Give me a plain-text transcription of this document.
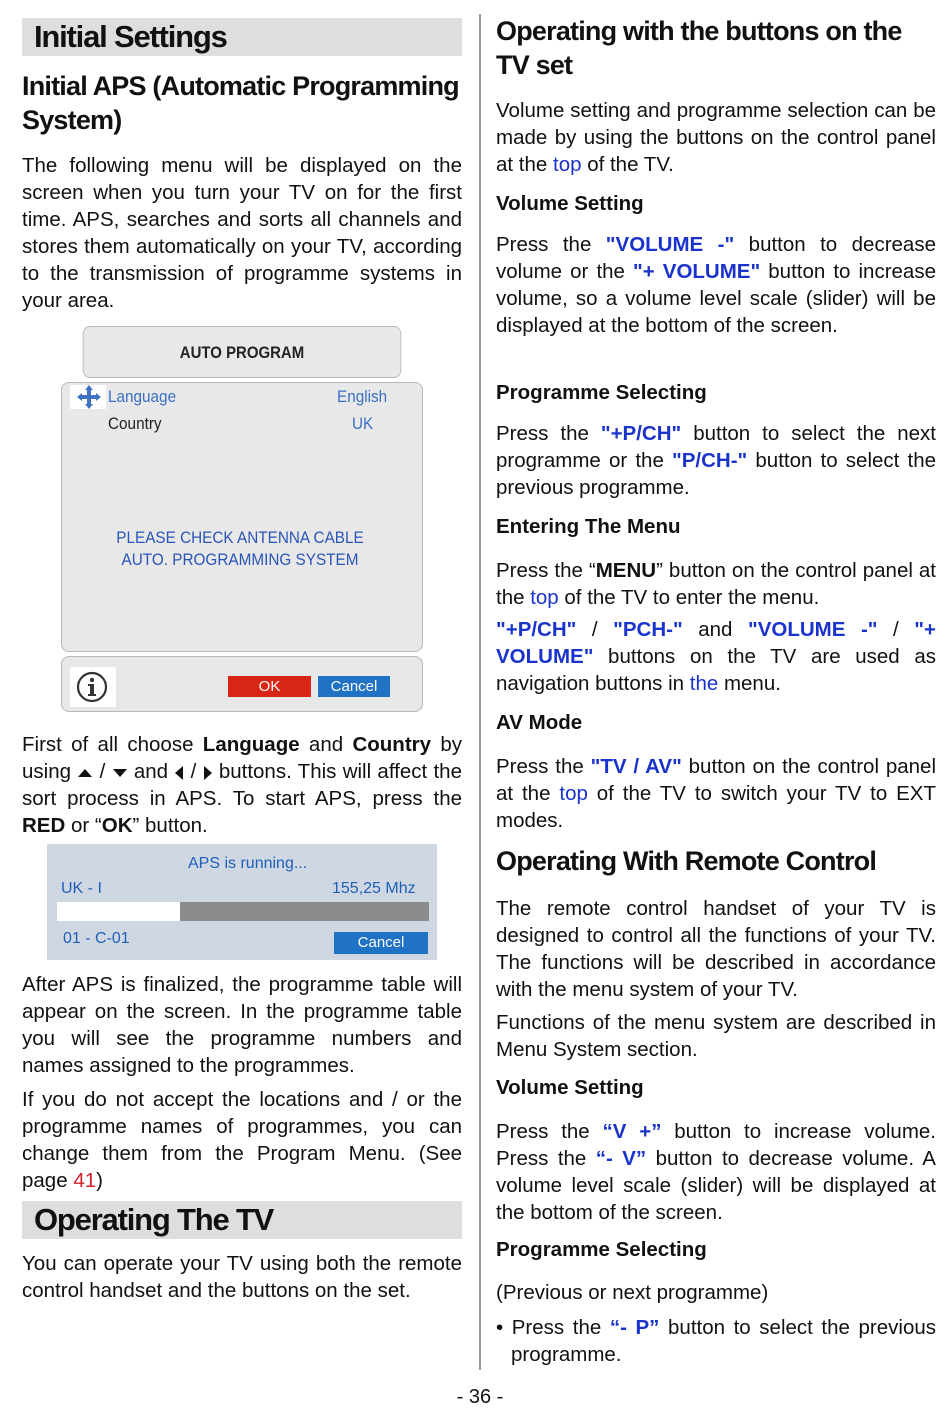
Initial Settings
Initial APS (Automatic Programming System)
The following menu will be displayed on the screen when you turn your TV on for the first time. APS, searches and sorts all channels and stores them automatically on your TV, according to the transmission of programme systems in your area.
AUTO PROGRAM
Language	English
Country	UK
PLEASE CHECK ANTENNA CABLE
AUTO. PROGRAMMING SYSTEM
OK	Cancel
First of all choose Language and Country by using  /  and  /  buttons. This will affect the sort process in APS. To start APS, press the RED or “OK” button.
APS is running...
UK - I	155,25 Mhz
01 - C-01	Cancel
After APS is finalized, the programme table will appear on the screen. In the programme table you will see the programme numbers and names assigned to the programmes.
If you do not accept the locations and / or the programme names of programmes, you can change them from the Program Menu. (See page 41)
Operating The TV
You can operate your TV using both the remote control handset and the buttons on the set.
Operating with the buttons on the TV set
Volume setting and programme selection can be made by using the buttons on the control panel at the top of the TV.
Volume Setting
Press the "VOLUME -" button to decrease volume or the "+ VOLUME" button to increase volume, so a volume level scale (slider) will be displayed at the bottom of the screen.
Programme Selecting
Press the "+P/CH" button to select the next programme or the "P/CH-" button to select the previous programme.
Entering The Menu
Press the “MENU” button on the control panel at the top of the TV to enter the menu.
"+P/CH" / "PCH-" and "VOLUME -" / "+ VOLUME" buttons on the TV are used as navigation buttons in the menu.
AV Mode
Press the "TV / AV" button on the control panel at the top of the TV to switch your TV to EXT modes.
Operating With Remote Control
The remote control handset of your TV is designed to control all the functions of your TV. The functions will be described in accordance with the menu system of your TV.
Functions of the menu system are described in Menu System section.
Volume Setting
Press the “V +” button to increase volume. Press the “- V” button to decrease volume. A volume level scale (slider) will be displayed at the bottom of the screen.
Programme Selecting
(Previous or next programme)
• Press the “- P” button to select the previous programme.
- 36 -
